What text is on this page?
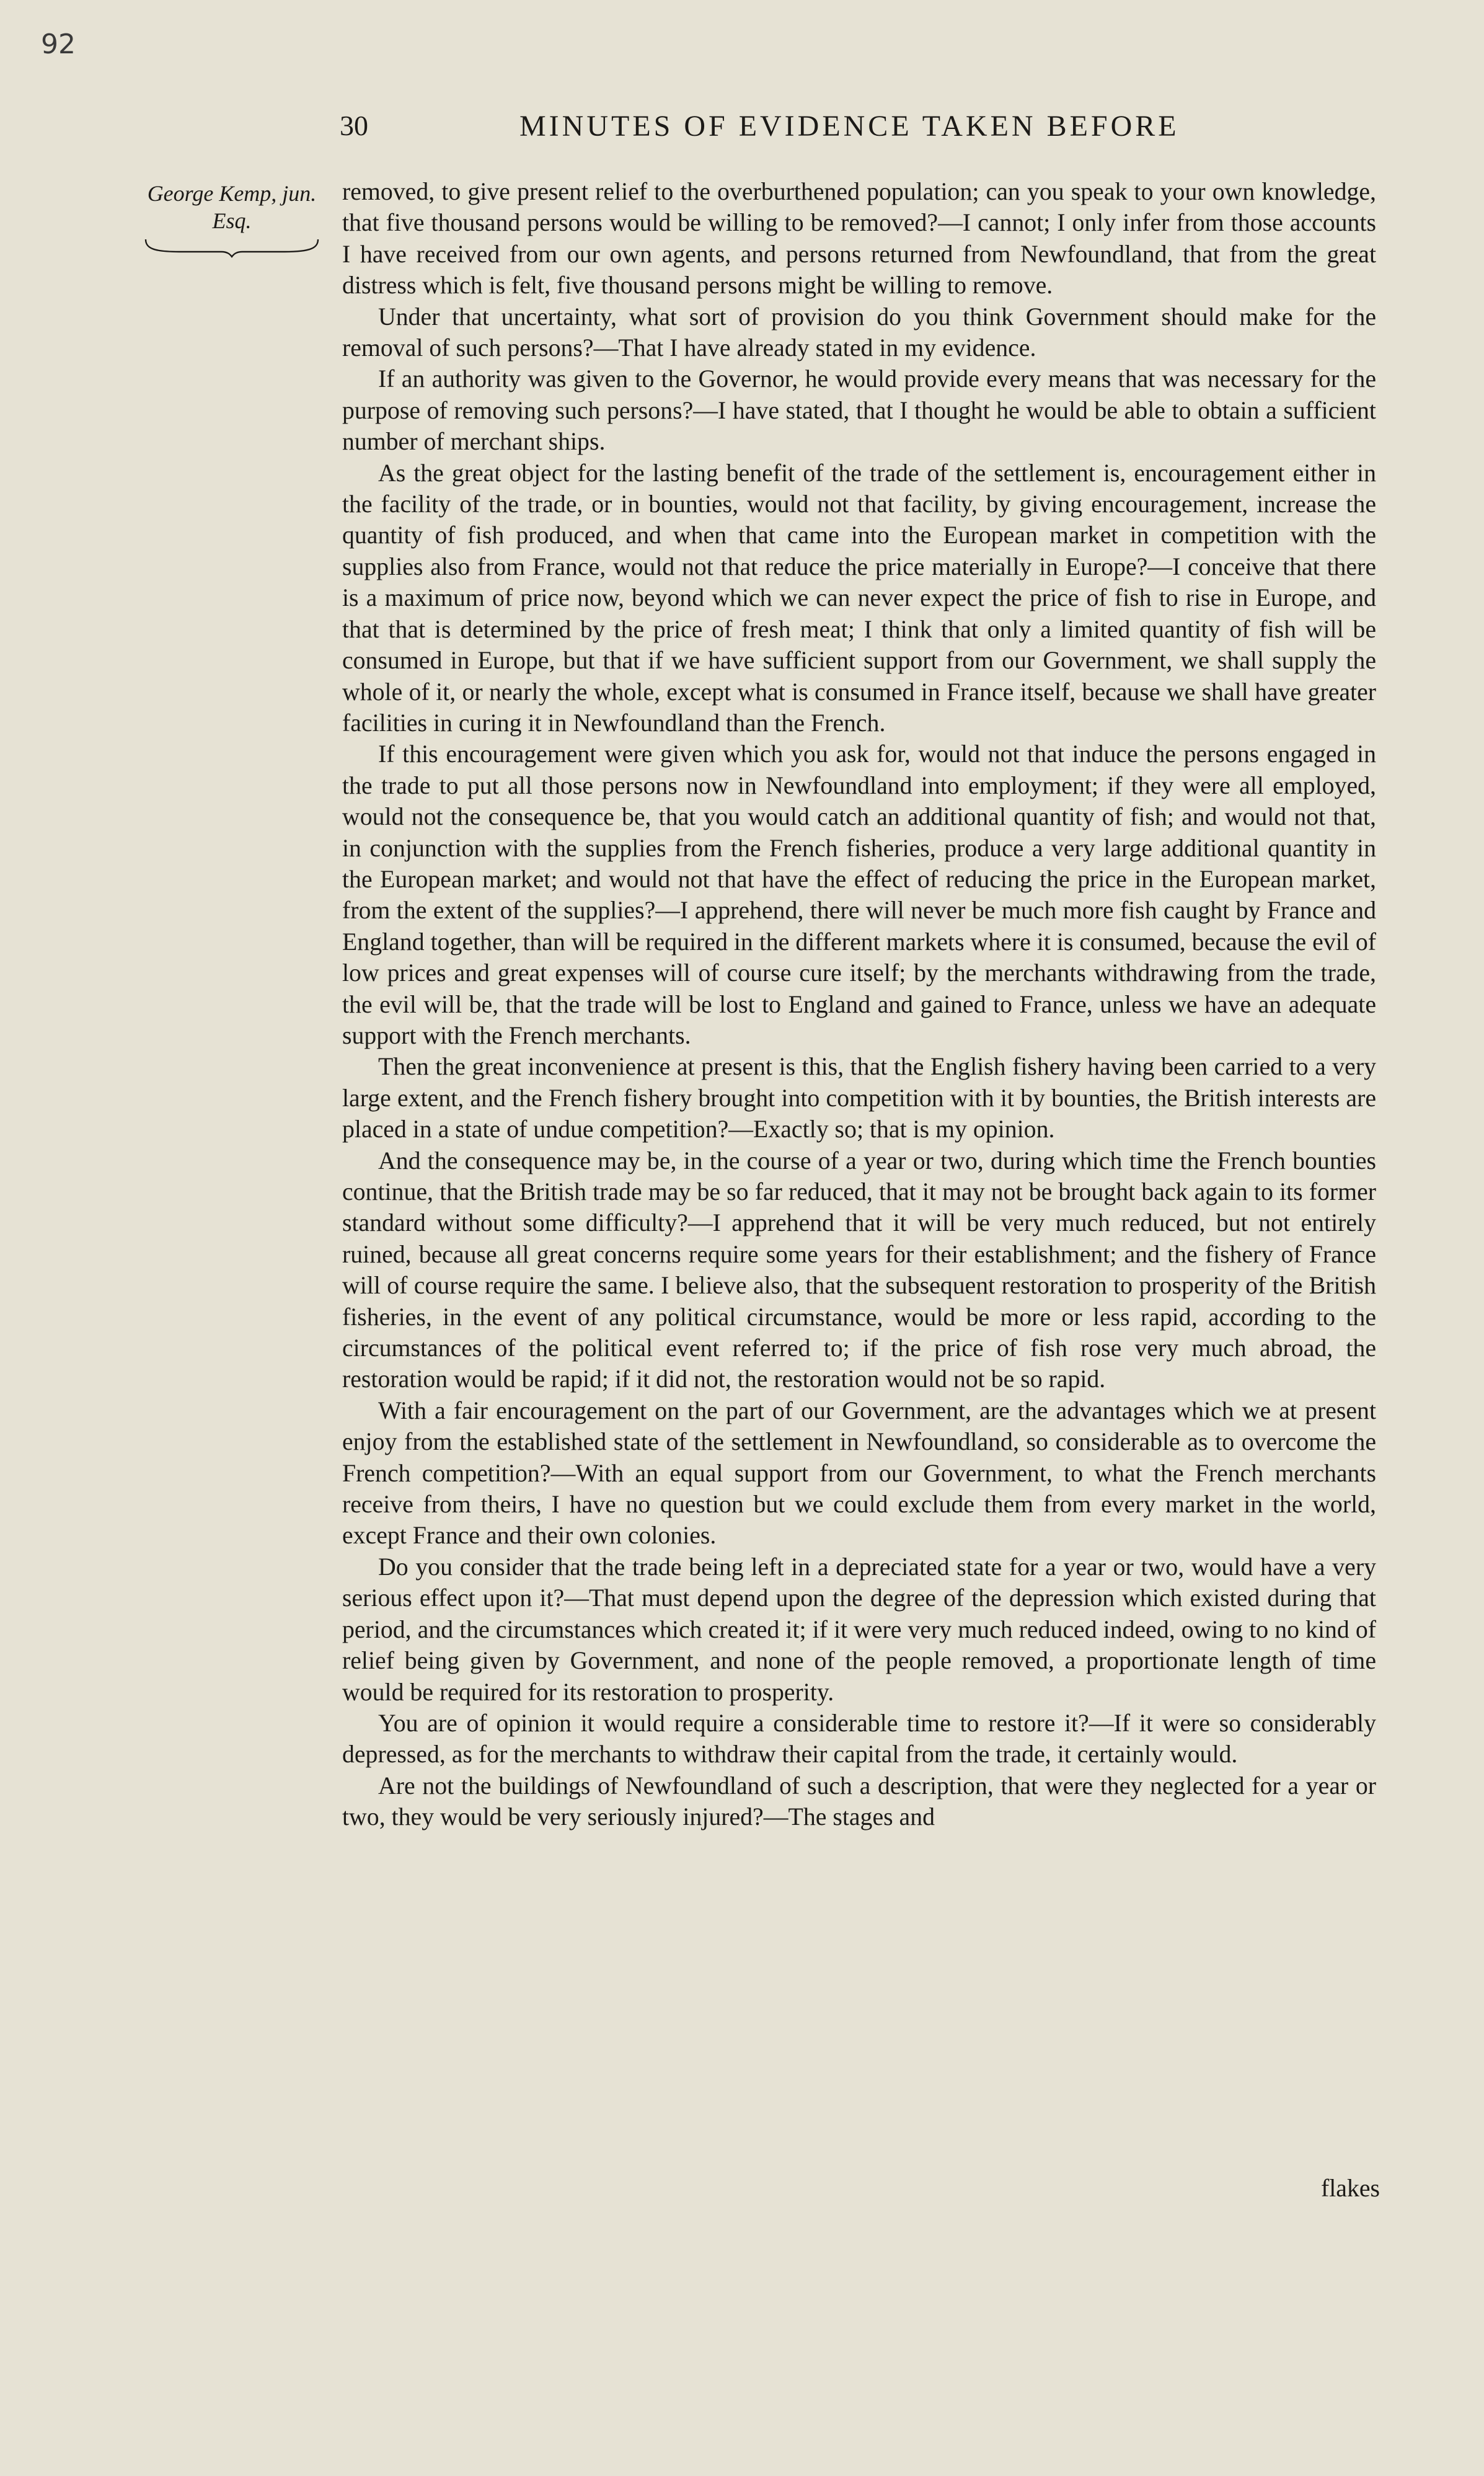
92
30	MINUTES OF EVIDENCE TAKEN BEFORE
George Kemp, jun.
Esq.

removed, to give present relief to the overburthened population; can you speak to your own knowledge, that five thousand persons would be willing to be removed?—I cannot; I only infer from those accounts I have received from our own agents, and persons returned from Newfoundland, that from the great distress which is felt, five thousand persons might be willing to remove.

Under that uncertainty, what sort of provision do you think Government should make for the removal of such persons?—That I have already stated in my evidence.

If an authority was given to the Governor, he would provide every means that was necessary for the purpose of removing such persons?—I have stated, that I thought he would be able to obtain a sufficient number of merchant ships.

As the great object for the lasting benefit of the trade of the settlement is, encouragement either in the facility of the trade, or in bounties, would not that facility, by giving encouragement, increase the quantity of fish produced, and when that came into the European market in competition with the supplies also from France, would not that reduce the price materially in Europe?—I conceive that there is a maximum of price now, beyond which we can never expect the price of fish to rise in Europe, and that that is determined by the price of fresh meat; I think that only a limited quantity of fish will be consumed in Europe, but that if we have sufficient support from our Government, we shall supply the whole of it, or nearly the whole, except what is consumed in France itself, because we shall have greater facilities in curing it in Newfoundland than the French.

If this encouragement were given which you ask for, would not that induce the persons engaged in the trade to put all those persons now in Newfoundland into employment; if they were all employed, would not the consequence be, that you would catch an additional quantity of fish; and would not that, in conjunction with the supplies from the French fisheries, produce a very large additional quantity in the European market; and would not that have the effect of reducing the price in the European market, from the extent of the supplies?—I apprehend, there will never be much more fish caught by France and England together, than will be required in the different markets where it is consumed, because the evil of low prices and great expenses will of course cure itself; by the merchants withdrawing from the trade, the evil will be, that the trade will be lost to England and gained to France, unless we have an adequate support with the French merchants.

Then the great inconvenience at present is this, that the English fishery having been carried to a very large extent, and the French fishery brought into competition with it by bounties, the British interests are placed in a state of undue competition?—Exactly so; that is my opinion.

And the consequence may be, in the course of a year or two, during which time the French bounties continue, that the British trade may be so far reduced, that it may not be brought back again to its former standard without some difficulty?—I apprehend that it will be very much reduced, but not entirely ruined, because all great concerns require some years for their establishment; and the fishery of France will of course require the same. I believe also, that the subsequent restoration to prosperity of the British fisheries, in the event of any political circumstance, would be more or less rapid, according to the circumstances of the political event referred to; if the price of fish rose very much abroad, the restoration would be rapid; if it did not, the restoration would not be so rapid.

With a fair encouragement on the part of our Government, are the advantages which we at present enjoy from the established state of the settlement in Newfoundland, so considerable as to overcome the French competition?—With an equal support from our Government, to what the French merchants receive from theirs, I have no question but we could exclude them from every market in the world, except France and their own colonies.

Do you consider that the trade being left in a depreciated state for a year or two, would have a very serious effect upon it?—That must depend upon the degree of the depression which existed during that period, and the circumstances which created it; if it were very much reduced indeed, owing to no kind of relief being given by Government, and none of the people removed, a proportionate length of time would be required for its restoration to prosperity.

You are of opinion it would require a considerable time to restore it?—If it were so considerably depressed, as for the merchants to withdraw their capital from the trade, it certainly would.

Are not the buildings of Newfoundland of such a description, that were they neglected for a year or two, they would be very seriously injured?—The stages and

flakes
